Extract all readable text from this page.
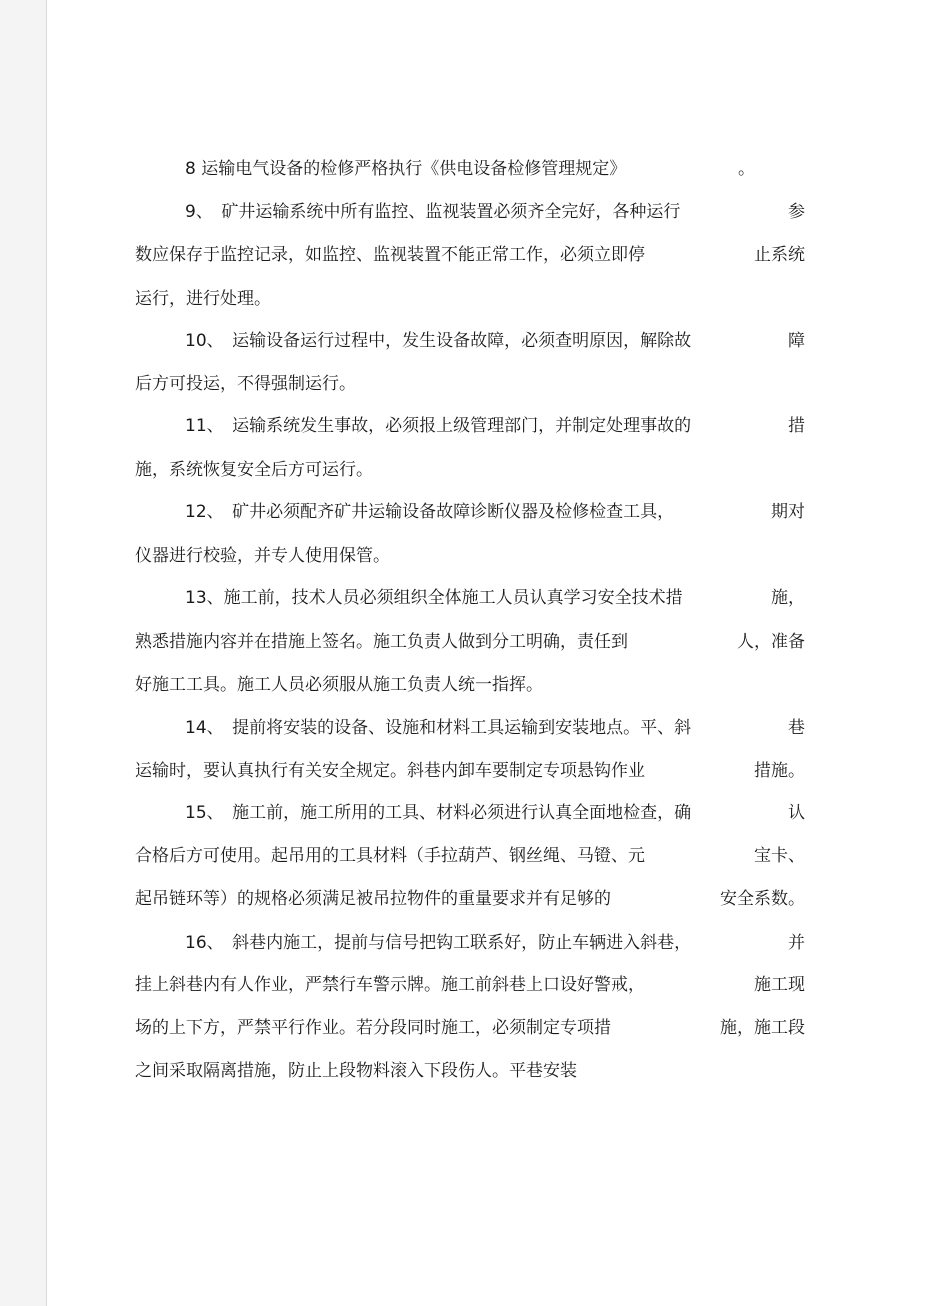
8 运输电气设备的检修严格执行《供电设备检修管理规定》	。
9、　矿井运输系统中所有监控、监视装置必须齐全完好，各种运行	参
数应保存于监控记录，如监控、监视装置不能正常工作，必须立即停	止系统
运行，进行处理。
10、　运输设备运行过程中，发生设备故障，必须查明原因，解除故	障
后方可投运，不得强制运行。
11、　运输系统发生事故，必须报上级管理部门，并制定处理事故的	措
施，系统恢复安全后方可运行。
12、　矿井必须配齐矿井运输设备故障诊断仪器及检修检查工具，	期对
仪器进行校验，并专人使用保管。
13、施工前，技术人员必须组织全体施工人员认真学习安全技术措	施，
熟悉措施内容并在措施上签名。施工负责人做到分工明确，责任到	人，准备
好施工工具。施工人员必须服从施工负责人统一指挥。
14、　提前将安装的设备、设施和材料工具运输到安装地点。平、斜	巷
运输时，要认真执行有关安全规定。斜巷内卸车要制定专项悬钩作业	措施。
15、　施工前，施工所用的工具、材料必须进行认真全面地检查，确	认
合格后方可使用。起吊用的工具材料（手拉葫芦、钢丝绳、马镫、元	宝卡、
起吊链环等）的规格必须满足被吊拉物件的重量要求并有足够的	安全系数。
16、　斜巷内施工，提前与信号把钩工联系好，防止车辆进入斜巷，	并
挂上斜巷内有人作业，严禁行车警示牌。施工前斜巷上口设好警戒，	施工现
场的上下方，严禁平行作业。若分段同时施工，必须制定专项措	施，施工段
之间采取隔离措施，防止上段物料滚入下段伤人。平巷安装
